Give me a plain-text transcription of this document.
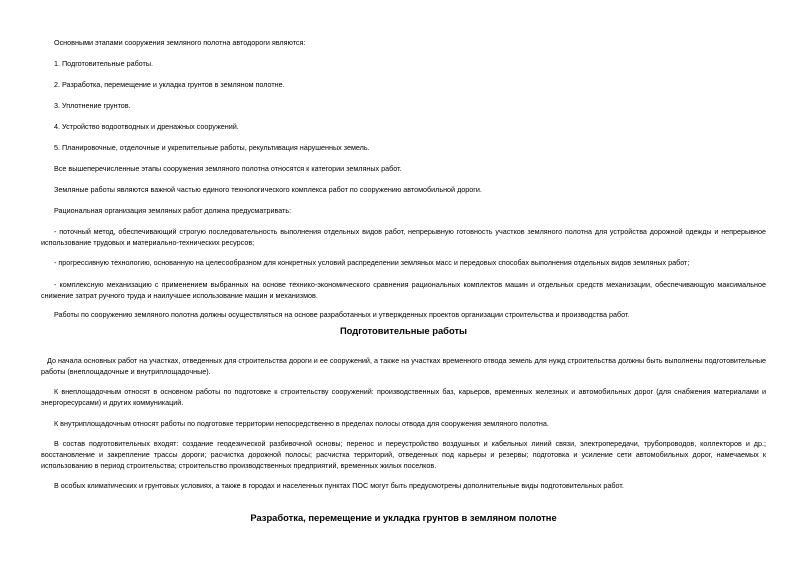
Основными этапами сооружения земляного полотна автодороги являются:

1. Подготовительные работы.

2. Разработка, перемещение и укладка грунтов в земляном полотне.

3. Уплотнение грунтов.

4. Устройство водоотводных и дренажных сооружений.

5. Планировочные, отделочные и укрепительные работы, рекультивация нарушенных земель.

Все вышеперечисленные этапы сооружения земляного полотна относятся к категории земляных работ.

Земляные работы являются важной частью единого технологического комплекса работ по сооружению автомобильной дороги.

Рациональная организация земляных работ должна предусматривать:

- поточный метод, обеспечивающий строгую последовательность выполнения отдельных видов работ, непрерывную готовность участков земляного полотна для устройства дорожной одежды и непрерывное использование трудовых и материально-технических ресурсов;

- прогрессивную технологию, основанную на целесообразном для конкретных условий распределении земляных масс и передовых способах выполнения отдельных видов земляных работ;

- комплексную механизацию с применением выбранных на основе технико-экономического сравнения рациональных комплектов машин и отдельных средств механизации, обеспечивающую максимальное снижение затрат ручного труда и наилучшее использование машин и механизмов.

Работы по сооружению земляного полотна должны осуществляться на основе разработанных и утвержденных проектов организации строительства и производства работ.

Подготовительные работы

До начала основных работ на участках, отведенных для строительства дороги и ее сооружений, а также на участках временного отвода земель для нужд строительства должны быть выполнены подготовительные работы (внеплощадочные и внутриплощадочные).

К внеплощадочным относят в основном работы по подготовке к строительству сооружений: производственных баз, карьеров, временных железных и автомобильных дорог (для снабжения материалами и энергоресурсами) и других коммуникаций.

К внутриплощадочным относят работы по подготовке территории непосредственно в пределах полосы отвода для сооружения земляного полотна.

В состав подготовительных входят: создание геодезической разбивочной основы; перенос и переустройство воздушных и кабельных линий связи, электропередачи, трубопроводов, коллекторов и др.; восстановление и закрепление трассы дороги; расчистка дорожной полосы; расчистка территорий, отведенных под карьеры и резервы; подготовка и усиление сети автомобильных дорог, намечаемых к использованию в период строительства; строительство производственных предприятий, временных жилых поселков.

В особых климатических и грунтовых условиях, а также в городах и населенных пунктах ПОС могут быть предусмотрены дополнительные виды подготовительных работ.

Разработка, перемещение и укладка грунтов в земляном полотне
